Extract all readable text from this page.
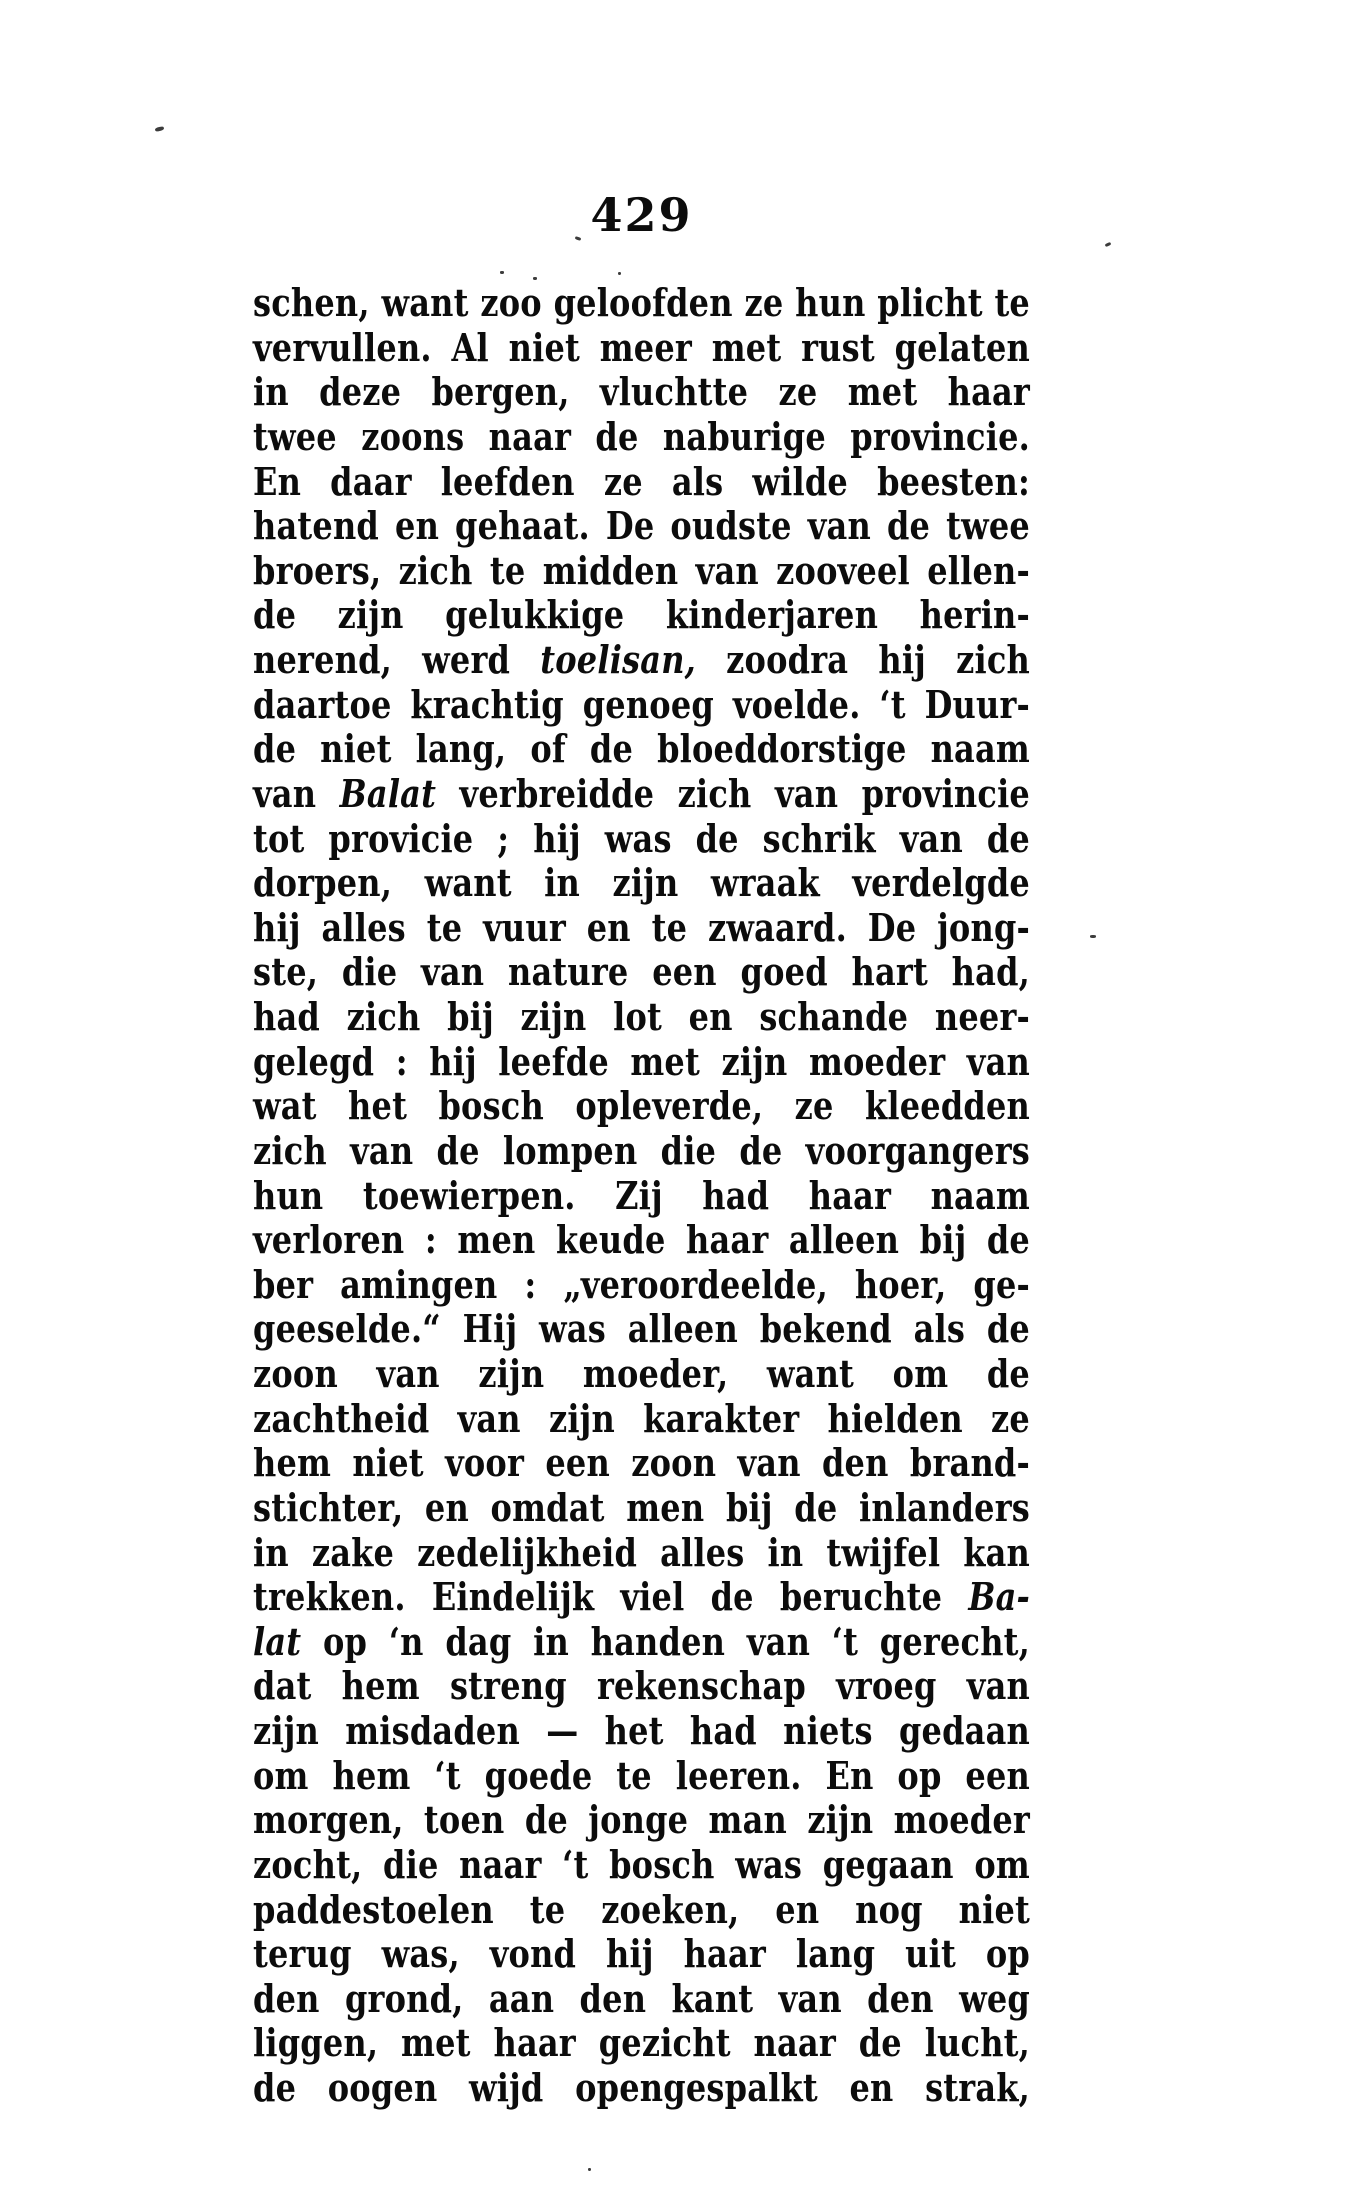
429
schen, want zoo geloofden ze hun plicht te
vervullen. Al niet meer met rust gelaten
in deze bergen, vluchtte ze met haar
twee zoons naar de naburige provincie.
En daar leefden ze als wilde beesten:
hatend en gehaat. De oudste van de twee
broers, zich te midden van zooveel ellen-
de zijn gelukkige kinderjaren herin-
nerend, werd toelisan, zoodra hij zich
daartoe krachtig genoeg voelde. ‘t Duur-
de niet lang, of de bloeddorstige naam
van Balat verbreidde zich van provincie
tot provicie ; hij was de schrik van de
dorpen, want in zijn wraak verdelgde
hij alles te vuur en te zwaard. De jong-
ste, die van nature een goed hart had,
had zich bij zijn lot en schande neer-
gelegd : hij leefde met zijn moeder van
wat het bosch opleverde, ze kleedden
zich van de lompen die de voorgangers
hun toewierpen. Zij had haar naam
verloren : men keude haar alleen bij de
ber amingen : „veroordeelde, hoer, ge-
geeselde.“ Hij was alleen bekend als de
zoon van zijn moeder, want om de
zachtheid van zijn karakter hielden ze
hem niet voor een zoon van den brand-
stichter, en omdat men bij de inlanders
in zake zedelijkheid alles in twijfel kan
trekken. Eindelijk viel de beruchte Ba-
lat op ‘n dag in handen van ‘t gerecht,
dat hem streng rekenschap vroeg van
zijn misdaden — het had niets gedaan
om hem ‘t goede te leeren. En op een
morgen, toen de jonge man zijn moeder
zocht, die naar ‘t bosch was gegaan om
paddestoelen te zoeken, en nog niet
terug was, vond hij haar lang uit op
den grond, aan den kant van den weg
liggen, met haar gezicht naar de lucht,
de oogen wijd opengespalkt en strak,
